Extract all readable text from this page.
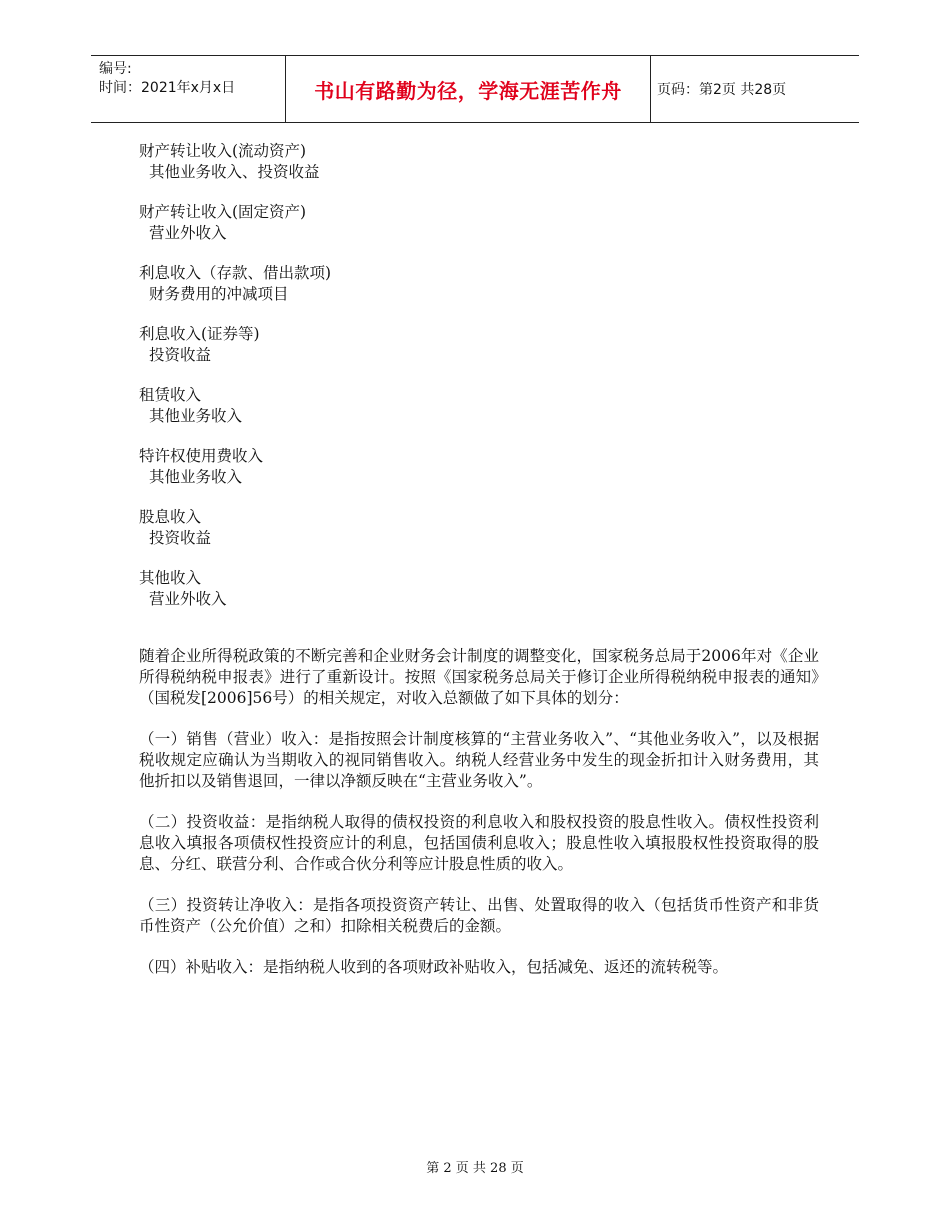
编号:
时间：2021年x月x日	书山有路勤为径，学海无涯苦作舟	页码：第2页 共28页
财产转让收入(流动资产)
其他业务收入、投资收益
财产转让收入(固定资产)
营业外收入
利息收入（存款、借出款项)
财务费用的冲减项目
利息收入(证券等)
投资收益
租赁收入
其他业务收入
特许权使用费收入
其他业务收入
股息收入
投资收益
其他收入
营业外收入

随着企业所得税政策的不断完善和企业财务会计制度的调整变化，国家税务总局于2006年对《企业所得税纳税申报表》进行了重新设计。按照《国家税务总局关于修订企业所得税纳税申报表的通知》（国税发[2006]56号）的相关规定，对收入总额做了如下具体的划分：

（一）销售（营业）收入：是指按照会计制度核算的“主营业务收入”、“其他业务收入”，以及根据税收规定应确认为当期收入的视同销售收入。纳税人经营业务中发生的现金折扣计入财务费用，其他折扣以及销售退回，一律以净额反映在“主营业务收入”。

（二）投资收益：是指纳税人取得的债权投资的利息收入和股权投资的股息性收入。债权性投资利息收入填报各项债权性投资应计的利息，包括国债利息收入；股息性收入填报股权性投资取得的股息、分红、联营分利、合作或合伙分利等应计股息性质的收入。

（三）投资转让净收入：是指各项投资资产转让、出售、处置取得的收入（包括货币性资产和非货币性资产（公允价值）之和）扣除相关税费后的金额。

（四）补贴收入：是指纳税人收到的各项财政补贴收入，包括减免、返还的流转税等。

第 2 页 共 28 页
